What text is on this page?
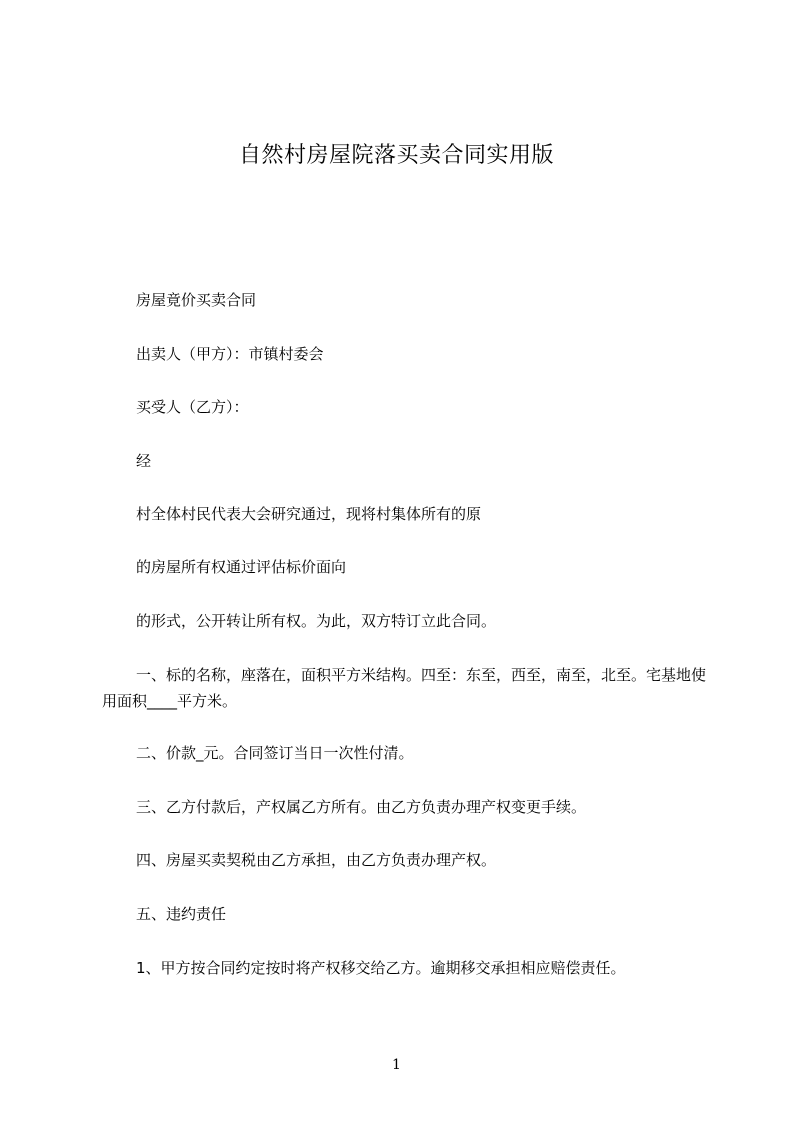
自然村房屋院落买卖合同实用版
房屋竟价买卖合同
出卖人（甲方）：市镇村委会
买受人（乙方）：
经
村全体村民代表大会研究通过，现将村集体所有的原
的房屋所有权通过评估标价面向
的形式，公开转让所有权。为此，双方特订立此合同。
一、标的名称，座落在，面积平方米结构。四至：东至，西至，南至，北至。宅基地使用面积____平方米。
二、价款_元。合同签订当日一次性付清。
三、乙方付款后，产权属乙方所有。由乙方负责办理产权变更手续。
四、房屋买卖契税由乙方承担，由乙方负责办理产权。
五、违约责任
1、甲方按合同约定按时将产权移交给乙方。逾期移交承担相应赔偿责任。
1
